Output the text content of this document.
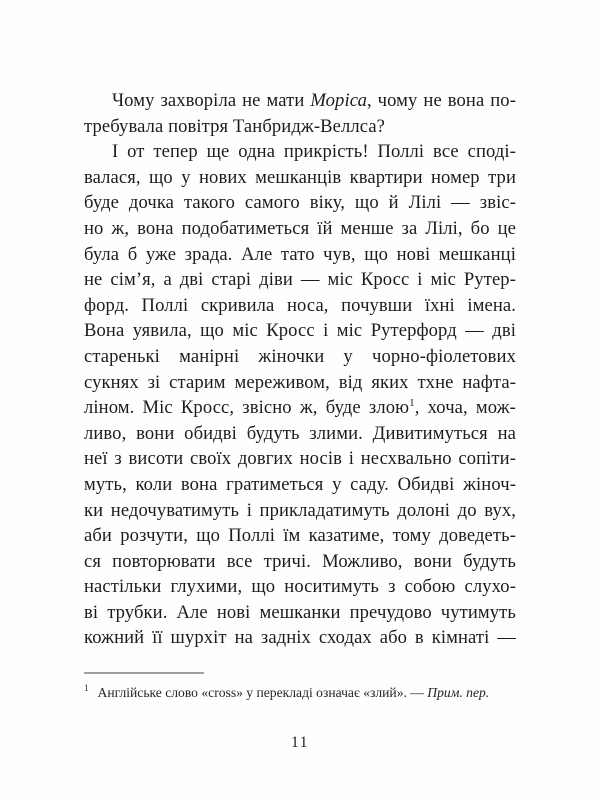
Чому захворіла не мати Моріса, чому не вона по-
требувала повітря Танбридж-Веллса?
І от тепер ще одна прикрість! Поллі все споді-
валася, що у нових мешканців квартири номер три
буде дочка такого самого віку, що й Лілі — звіс-
но ж, вона подобатиметься їй менше за Лілі, бо це
була б уже зрада. Але тато чув, що нові мешканці
не сім’я, а дві старі діви — міс Кросс і міс Рутер-
форд. Поллі скривила носа, почувши їхні імена.
Вона уявила, що міс Кросс і міс Рутерфорд — дві
старенькі манірні жіночки у чорно-фіолетових
сукнях зі старим мереживом, від яких тхне нафта-
ліном. Міс Кросс, звісно ж, буде злою$^1$, хоча, мож-
ливо, вони обидві будуть злими. Дивитимуться на
неї з висоти своїх довгих носів і несхвально сопіти-
муть, коли вона гратиметься у саду. Обидві жіноч-
ки недочуватимуть і прикладатимуть долоні до вух,
аби розчути, що Поллі їм казатиме, тому доведеть-
ся повторювати все тричі. Можливо, вони будуть
настільки глухими, що носитимуть з собою слухо-
ві трубки. Але нові мешканки пречудово чутимуть
кожний її шурхіт на задніх сходах або в кімнаті —
$^1$ Англійське слово «cross» у перекладі означає «злий». — Прим. пер.
11
